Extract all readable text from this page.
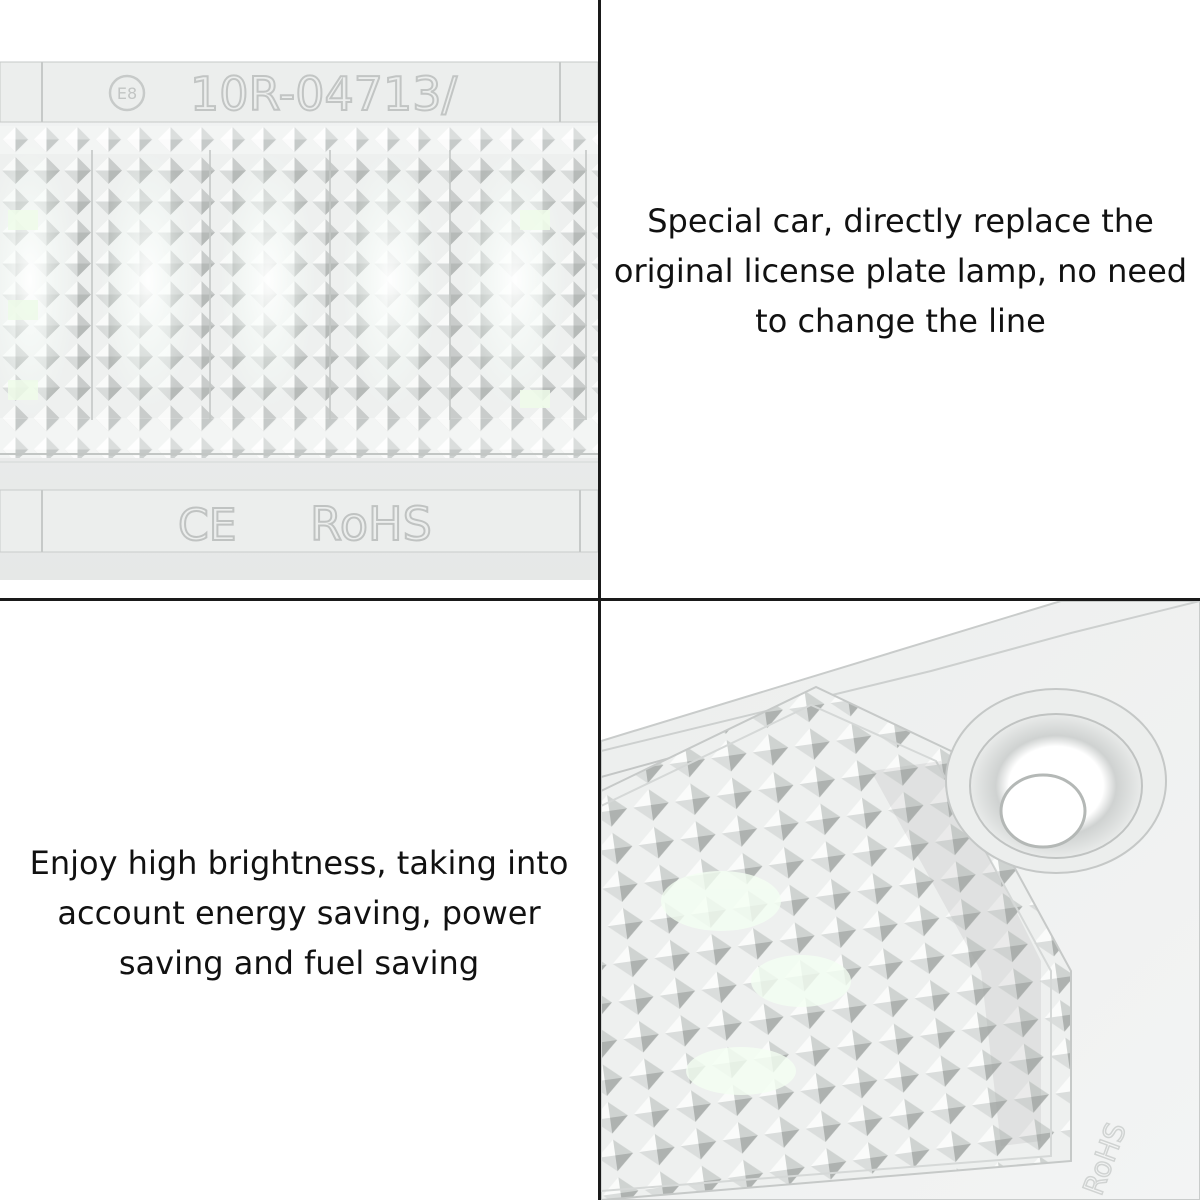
E8 10R-04713/
CE RoHS
Special car, directly replace the original license plate lamp, no need to change the line
Enjoy high brightness, taking into account energy saving, power saving and fuel saving
RoHS
